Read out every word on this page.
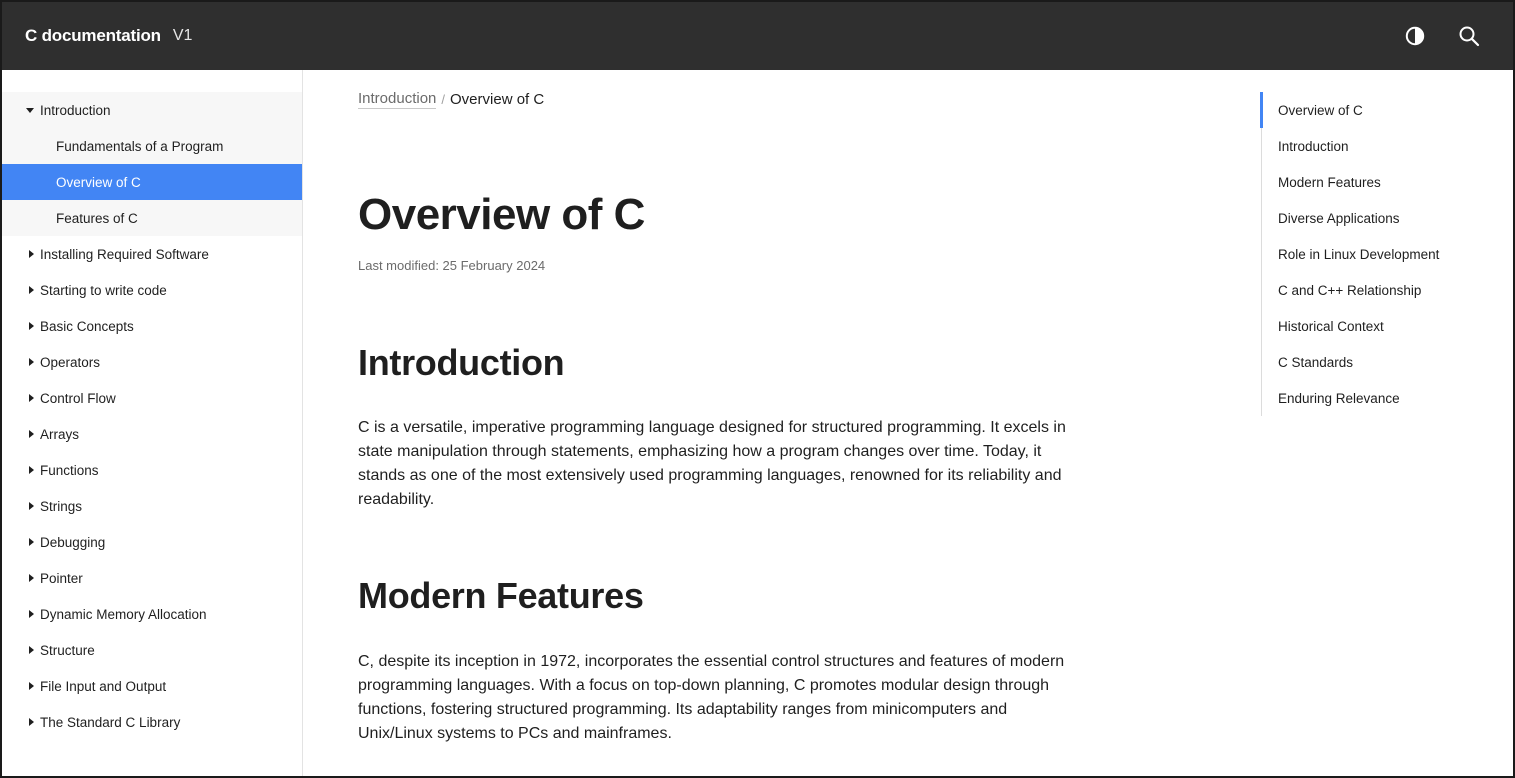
C documentation V1
Introduction
Fundamentals of a Program
Overview of C
Features of C
Installing Required Software
Starting to write code
Basic Concepts
Operators
Control Flow
Arrays
Functions
Strings
Debugging
Pointer
Dynamic Memory Allocation
Structure
File Input and Output
The Standard C Library
Introduction / Overview of C
Overview of C
Last modified: 25 February 2024
Introduction

C is a versatile, imperative programming language designed for structured programming. It excels in state manipulation through statements, emphasizing how a program changes over time. Today, it stands as one of the most extensively used programming languages, renowned for its reliability and readability.

Modern Features

C, despite its inception in 1972, incorporates the essential control structures and features of modern programming languages. With a focus on top-down planning, C promotes modular design through functions, fostering structured programming. Its adaptability ranges from minicomputers and Unix/Linux systems to PCs and mainframes.

Overview of C
Introduction
Modern Features
Diverse Applications
Role in Linux Development
C and C++ Relationship
Historical Context
C Standards
Enduring Relevance
